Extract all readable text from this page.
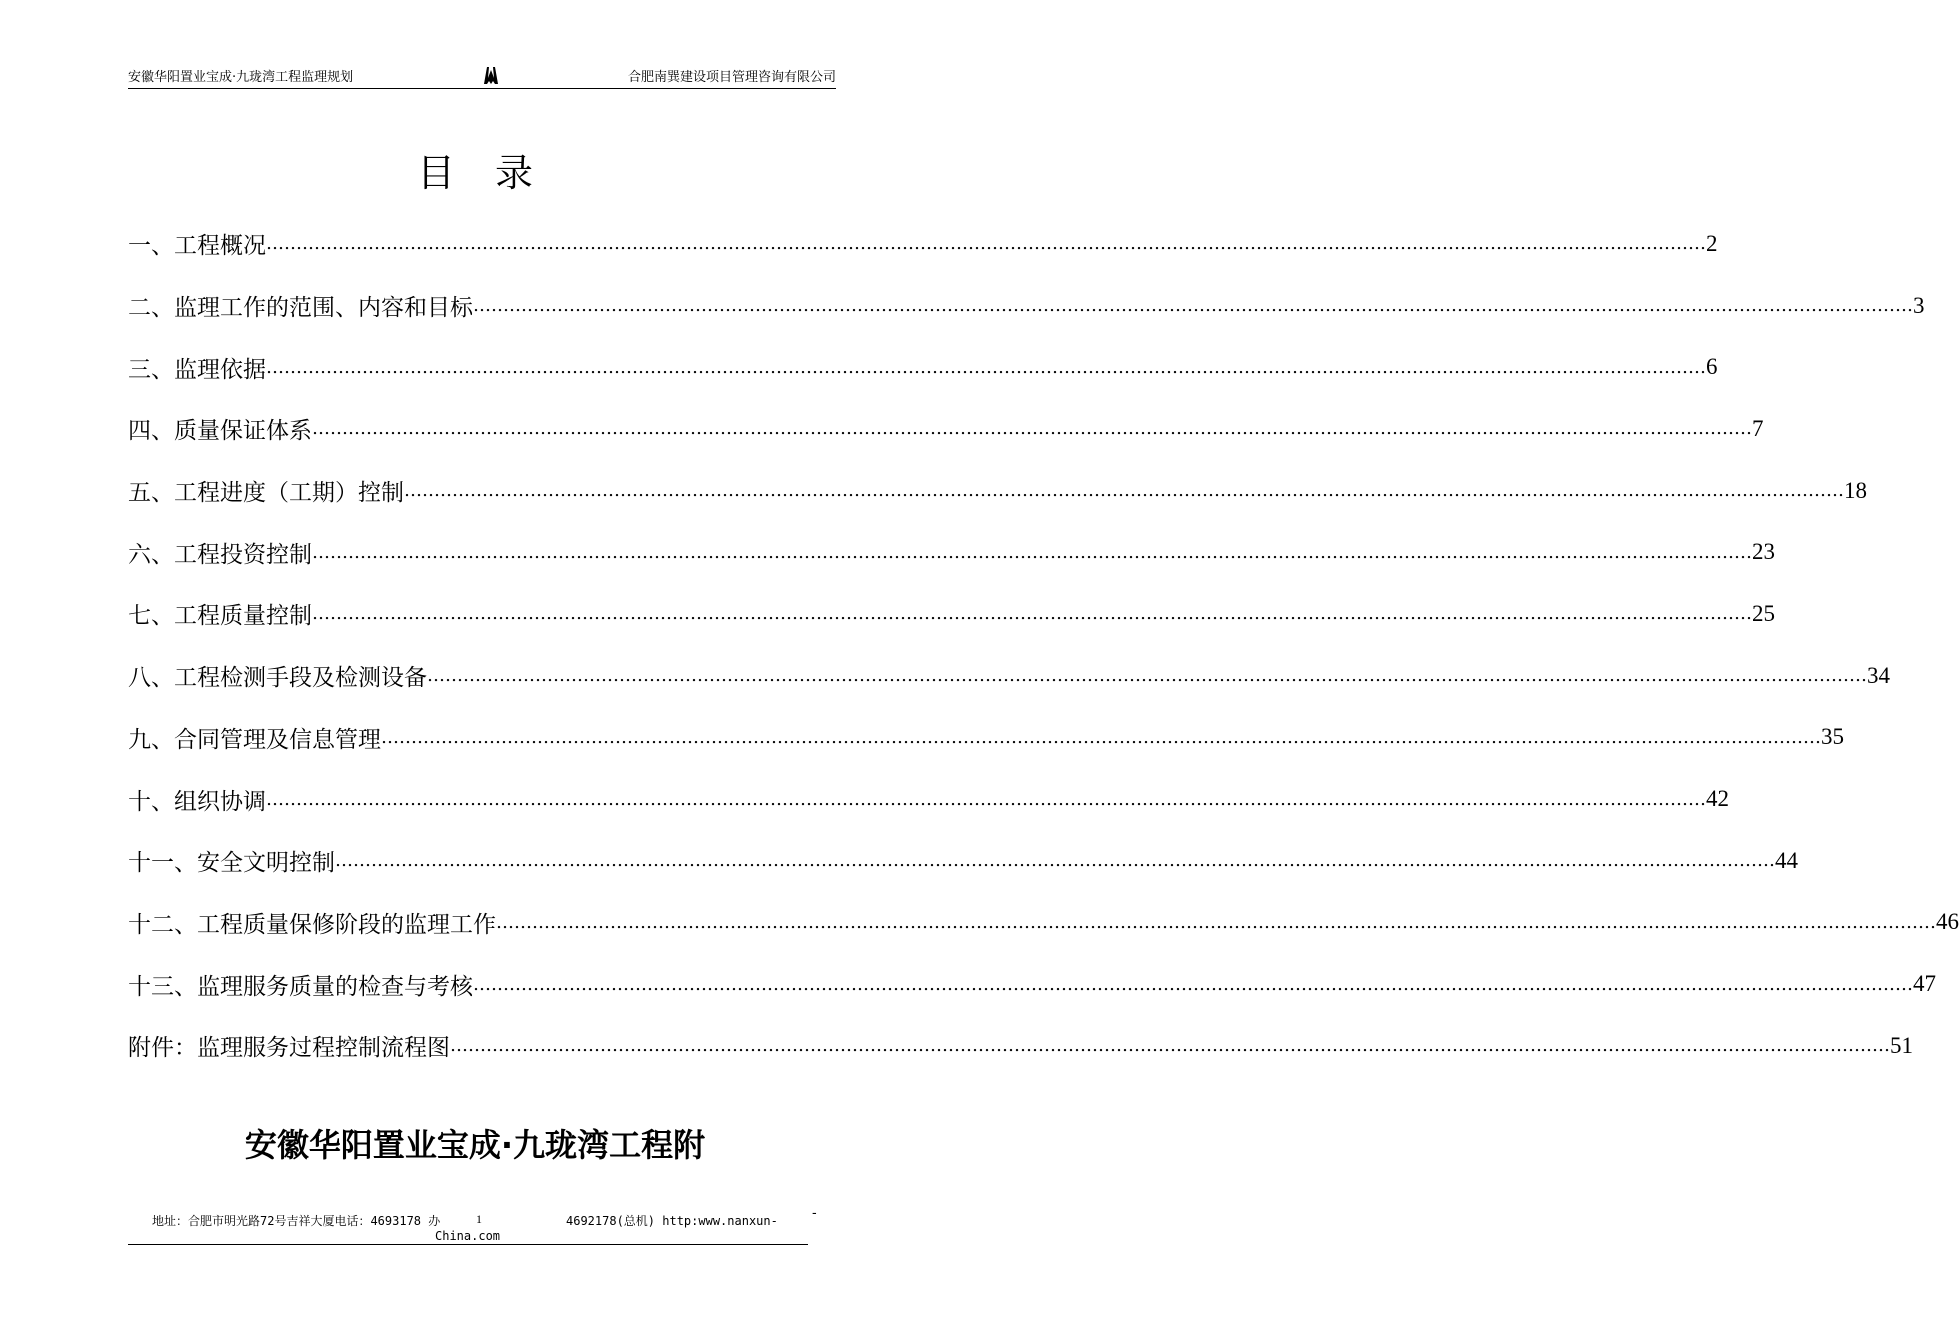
安徽华阳置业宝成·九珑湾工程监理规划	合肥南巽建设项目管理咨询有限公司
目录
一、 工程概况 …………………………………………………………………………………………………………………………………………………………………………………………………………………… 2
二、 监理工作的范围、内容和目标 …………………………………………………………………………………………………………………………………………………………………………………………………………………… 3
三、 监理依据 …………………………………………………………………………………………………………………………………………………………………………………………………………………… 6
四、 质量保证体系 …………………………………………………………………………………………………………………………………………………………………………………………………………………… 7
五、 工程进度（工期）控制 …………………………………………………………………………………………………………………………………………………………………………………………………………………… 18
六、 工程投资控制 …………………………………………………………………………………………………………………………………………………………………………………………………………………… 23
七、 工程质量控制 …………………………………………………………………………………………………………………………………………………………………………………………………………………… 25
八、 工程检测手段及检测设备 …………………………………………………………………………………………………………………………………………………………………………………………………………………… 34
九、 合同管理及信息管理 …………………………………………………………………………………………………………………………………………………………………………………………………………………… 35
十、 组织协调 …………………………………………………………………………………………………………………………………………………………………………………………………………………… 42
十一、 安全文明控制 …………………………………………………………………………………………………………………………………………………………………………………………………………………… 44
十二、 工程质量保修阶段的监理工作 …………………………………………………………………………………………………………………………………………………………………………………………………………………… 46
十三、 监理服务质量的检查与考核 …………………………………………………………………………………………………………………………………………………………………………………………………………………… 47
附件： 监理服务过程控制流程图 …………………………………………………………………………………………………………………………………………………………………………………………………………………… 51
安徽华阳置业宝成·九珑湾工程附
地址：合肥市明光路72号吉祥大厦电话：4693178 办	1	4692178(总机) http:www.nanxun-
-
China.com
